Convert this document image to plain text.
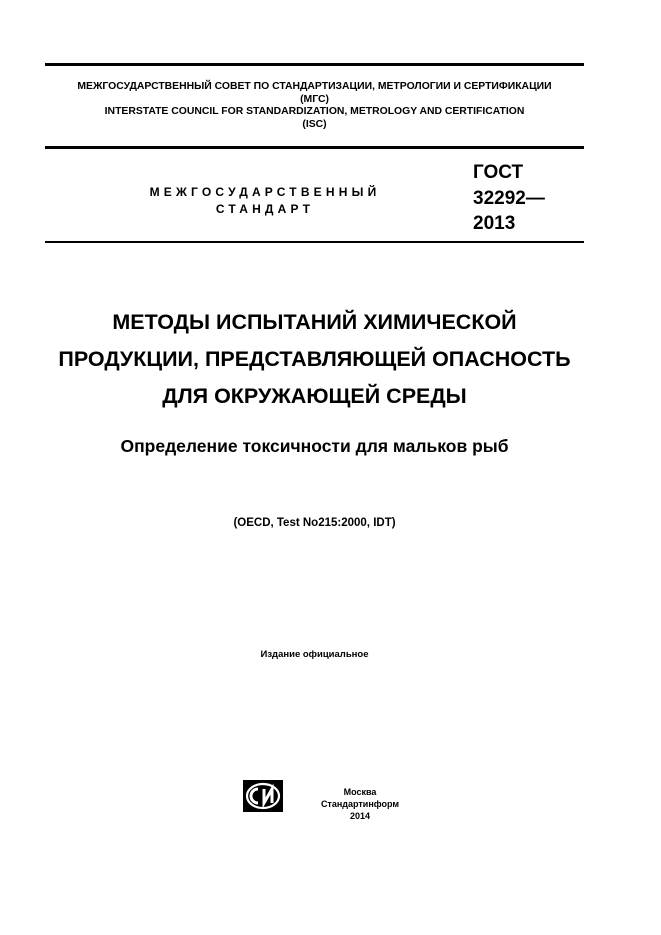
МЕЖГОСУДАРСТВЕННЫЙ СОВЕТ ПО СТАНДАРТИЗАЦИИ, МЕТРОЛОГИИ И СЕРТИФИКАЦИИ
(МГС)
INTERSTATE COUNCIL FOR STANDARDIZATION, METROLOGY AND CERTIFICATION
(ISC)
МЕЖГОСУДАРСТВЕННЫЙ
СТАНДАРТ
ГОСТ
32292—
2013
МЕТОДЫ ИСПЫТАНИЙ ХИМИЧЕСКОЙ
ПРОДУКЦИИ, ПРЕДСТАВЛЯЮЩЕЙ ОПАСНОСТЬ
ДЛЯ ОКРУЖАЮЩЕЙ СРЕДЫ
Определение токсичности для мальков рыб
(OECD, Test No215:2000, IDT)
Издание официальное
СИ
Москва
Стандартинформ
2014
